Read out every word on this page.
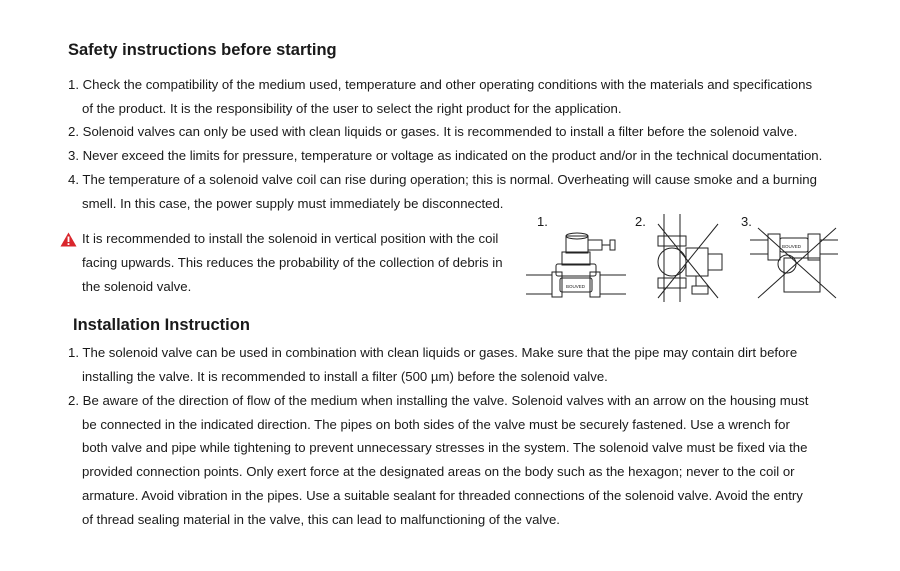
Safety instructions before starting
1. Check the compatibility of the medium used, temperature and other operating conditions with the materials and specifications
of the product. It is the responsibility of the user to select the right product for the application.
2. Solenoid valves can only be used with clean liquids or gases. It is recommended to install a filter before the solenoid valve.
3. Never exceed the limits for pressure, temperature or voltage as indicated on the product and/or in the technical documentation.
4. The temperature of a solenoid valve coil can rise during operation; this is normal. Overheating will cause smoke and a burning
smell. In this case, the power supply must immediately be disconnected.
It is recommended to install the solenoid in vertical position with the coil
facing upwards. This reduces the probability of the collection of debris in
the solenoid valve.
1.	2.	3.
BOUVED
BOUVED
Installation Instruction
1. The solenoid valve can be used in combination with clean liquids or gases. Make sure that the pipe may contain dirt before
installing the valve. It is recommended to install a filter (500 µm) before the solenoid valve.
2. Be aware of the direction of flow of the medium when installing the valve. Solenoid valves with an arrow on the housing must
be connected in the indicated direction. The pipes on both sides of the valve must be securely fastened. Use a wrench for
both valve and pipe while tightening to prevent unnecessary stresses in the system. The solenoid valve must be fixed via the
provided connection points. Only exert force at the designated areas on the body such as the hexagon; never to the coil or
armature. Avoid vibration in the pipes. Use a suitable sealant for threaded connections of the solenoid valve. Avoid the entry
of thread sealing material in the valve, this can lead to malfunctioning of the valve.
